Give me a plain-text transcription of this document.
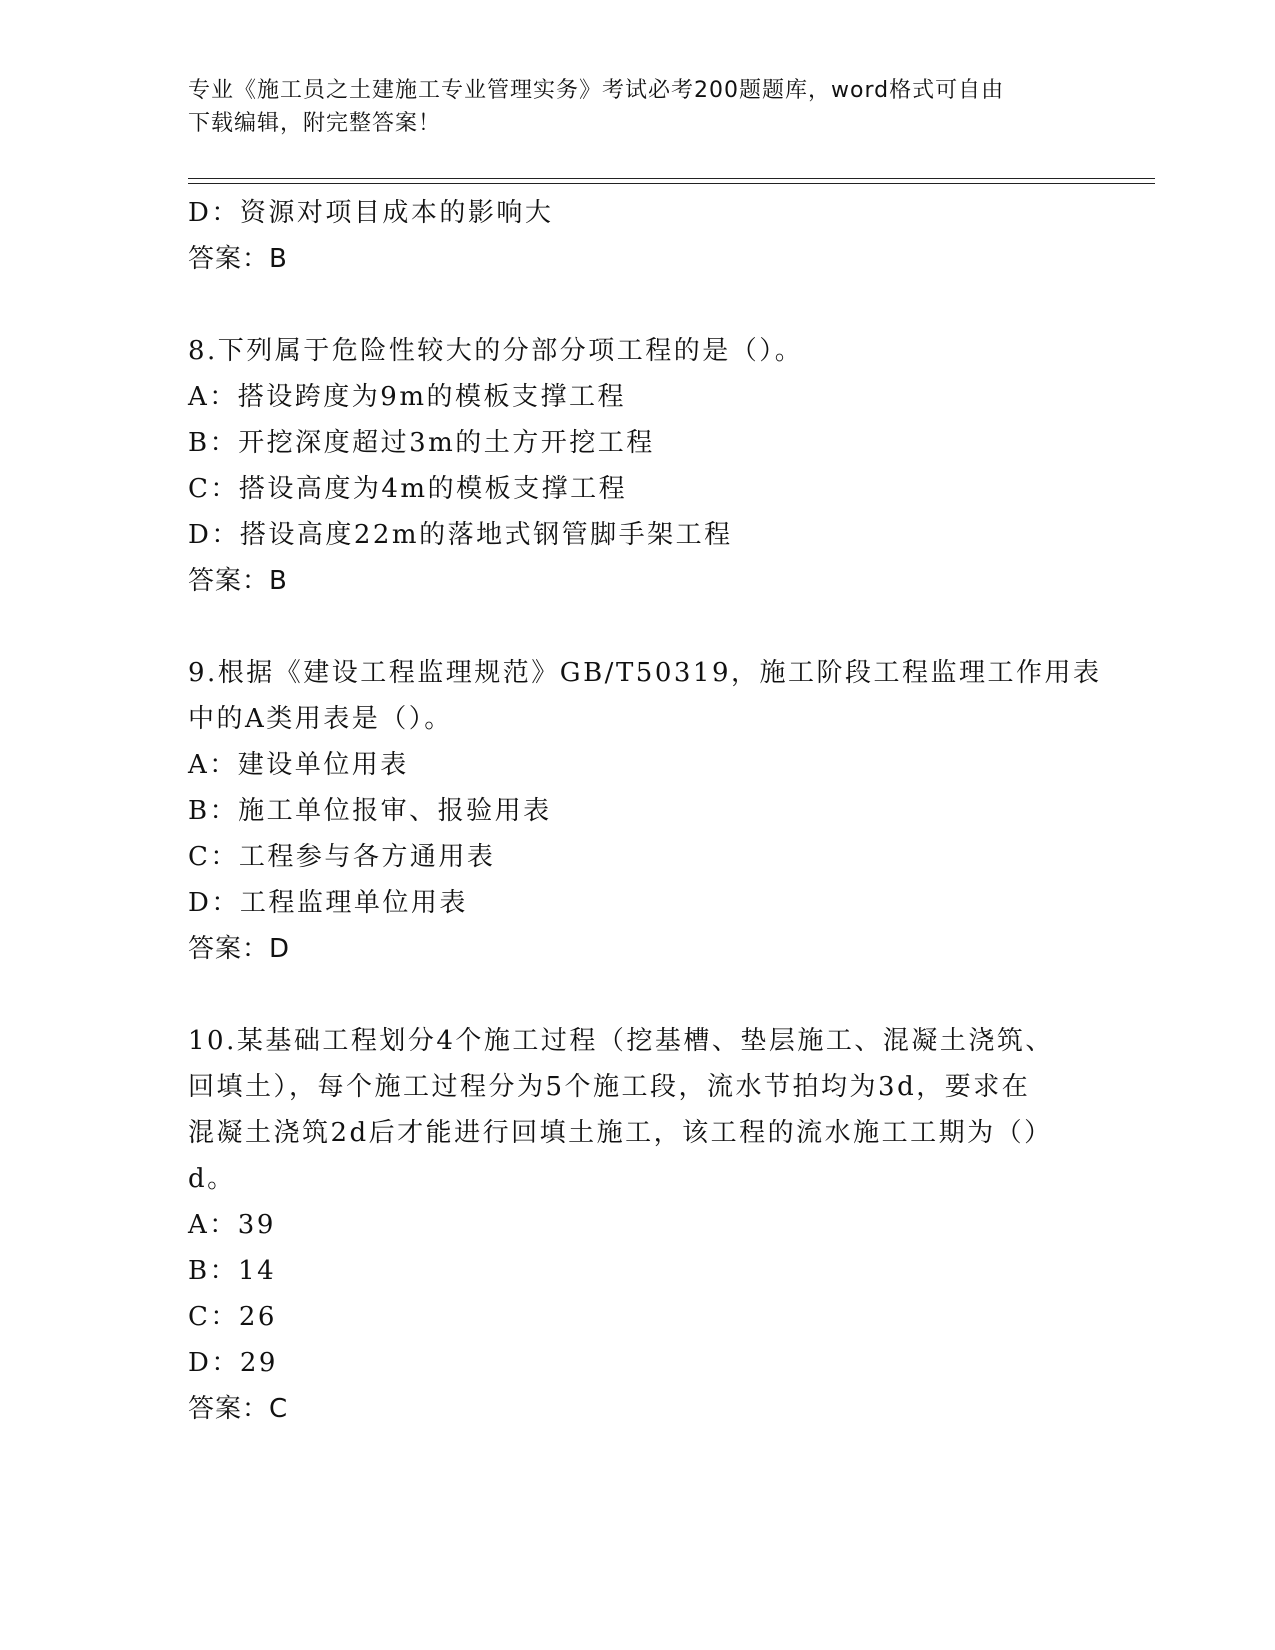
专业《施工员之土建施工专业管理实务》考试必考200题题库，word格式可自由
下载编辑，附完整答案！
D：资源对项目成本的影响大
答案：B
8.下列属于危险性较大的分部分项工程的是（）。
A：搭设跨度为9m的模板支撑工程
B：开挖深度超过3m的土方开挖工程
C：搭设高度为4m的模板支撑工程
D：搭设高度22m的落地式钢管脚手架工程
答案：B
9.根据《建设工程监理规范》GB/T50319，施工阶段工程监理工作用表
中的A类用表是（）。
A：建设单位用表
B：施工单位报审、报验用表
C：工程参与各方通用表
D：工程监理单位用表
答案：D
10.某基础工程划分4个施工过程（挖基槽、垫层施工、混凝土浇筑、
回填土），每个施工过程分为5个施工段，流水节拍均为3d，要求在
混凝土浇筑2d后才能进行回填土施工，该工程的流水施工工期为（）
d。
A：39
B：14
C：26
D：29
答案：C
